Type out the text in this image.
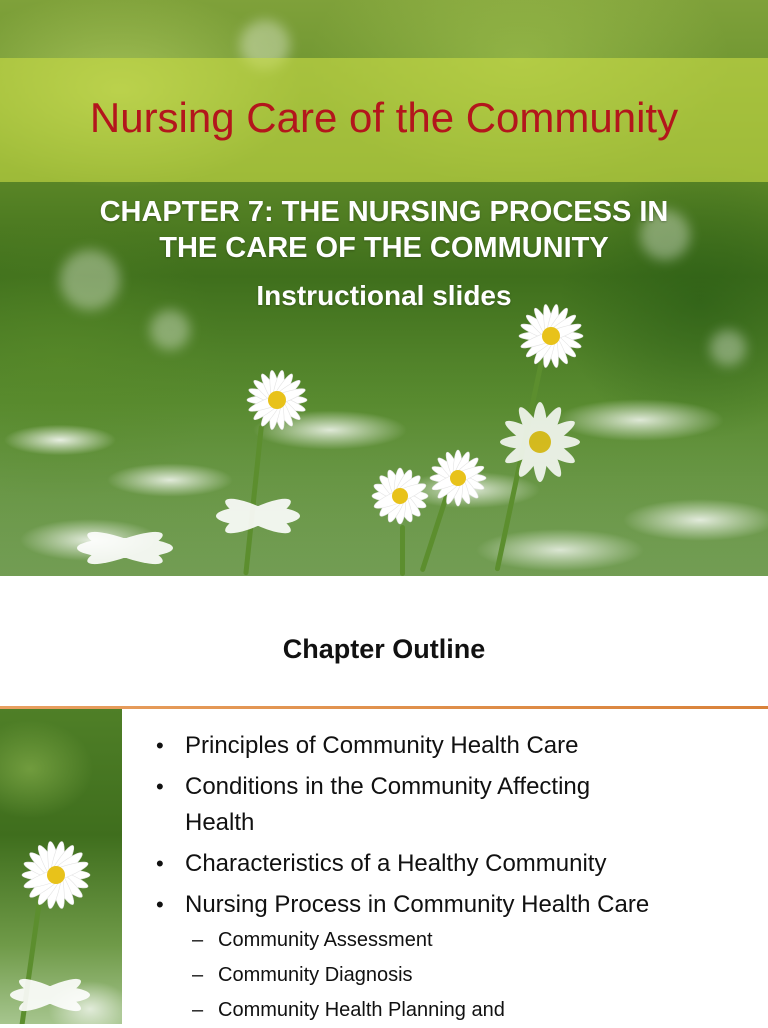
Nursing Care of the Community
CHAPTER 7: THE NURSING PROCESS IN
THE CARE OF THE COMMUNITY
Instructional slides
Chapter Outline
• Principles of Community Health Care
• Conditions in the Community Affecting
Health
• Characteristics of a Healthy Community
• Nursing Process in Community Health Care
– Community Assessment
– Community Diagnosis
– Community Health Planning and
